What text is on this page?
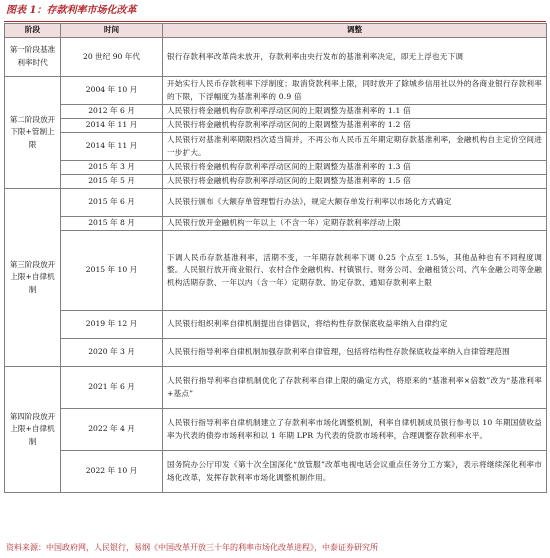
图表 1：存款利率市场化改革
阶段	时间	调整
第一阶段基准利率时代	20 世纪 90 年代	银行存款利率改革尚未放开，存款利率由央行发布的基准利率决定，即无上浮也无下调
第二阶段放开下限+管制上限	2004 年 10 月	开始实行人民币存款利率下浮制度；取消贷款利率上限，同时放开了除城乡信用社以外的各商业银行存款利率的下限，下浮幅度为基准利率的 0.9 倍
	2012 年 6 月	人民银行将金融机构存款利率浮动区间的上限调整为基准利率的 1.1 倍
	2014 年 11 月	人民银行将金融机构存款利率浮动区间的上限调整为基准利率的 1.2 倍
	2014 年 11 月	人民银行对基准利率期限档次适当简并，不再公布人民币五年期定期存款基准利率，金融机构自主定价空间进一步扩大。
	2015 年 3 月	人民银行将金融机构存款利率浮动区间的上限调整为基准利率的 1.3 倍
	2015 年 5 月	人民银行将金融机构存款利率浮动区间的上限调整为基准利率的 1.5 倍
第三阶段放开上限+自律机制	2015 年 6 月	人民银行颁布《大额存单管理暂行办法》，规定大额存单发行利率以市场化方式确定
	2015 年 8 月	人民银行放开金融机构一年以上（不含一年）定期存款利率浮动上限
	2015 年 10 月	下调人民币存款基准利率，活期不变，一年期存款利率下调 0.25 个点至 1.5%，其他品种也有不同程度调整。人民银行放开商业银行、农村合作金融机构、村镇银行、财务公司、金融租赁公司、汽车金融公司等金融机构活期存款、一年以内（含一年）定期存款、协定存款、通知存款利率上限
	2019 年 12 月	人民银行组织利率自律机制提出自律倡议，将结构性存款保底收益率纳入自律约定
	2020 年 3 月	人民银行指导利率自律机制加强存款利率自律管理，包括将结构性存款保底收益率纳入自律管理范围
第四阶段放开上限+自律机制	2021 年 6 月	人民银行指导利率自律机制优化了存款利率自律上限的确定方式，将原来的“基准利率×倍数”改为“基准利率+基点”
	2022 年 4 月	人民银行指导利率自律机制建立了存款利率市场化调整机制，利率自律机制成员银行参考以 10 年期国债收益率为代表的债券市场利率和以 1 年期 LPR 为代表的贷款市场利率，合理调整存款利率水平。
	2022 年 10 月	国务院办公厅印发《第十次全国深化“放管服”改革电视电话会议重点任务分工方案》，表示将继续深化利率市场化改革，发挥存款利率市场化调整机制作用。
资料来源：中国政府网，人民银行，易纲《中国改革开放三十年的利率市场化改革进程》，中泰证券研究所
